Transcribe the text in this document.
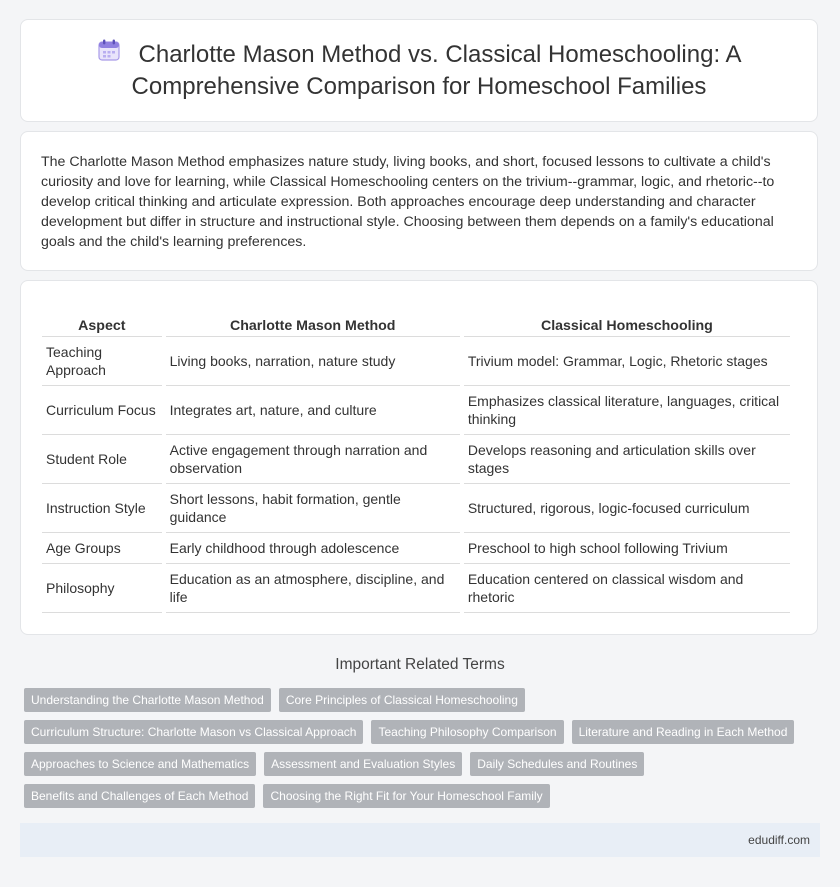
Charlotte Mason Method vs. Classical Homeschooling: A Comprehensive Comparison for Homeschool Families

The Charlotte Mason Method emphasizes nature study, living books, and short, focused lessons to cultivate a child's curiosity and love for learning, while Classical Homeschooling centers on the trivium--grammar, logic, and rhetoric--to develop critical thinking and articulate expression. Both approaches encourage deep understanding and character development but differ in structure and instructional style. Choosing between them depends on a family's educational goals and the child's learning preferences.

Aspect	Charlotte Mason Method	Classical Homeschooling
Teaching Approach	Living books, narration, nature study	Trivium model: Grammar, Logic, Rhetoric stages
Curriculum Focus	Integrates art, nature, and culture	Emphasizes classical literature, languages, critical thinking
Student Role	Active engagement through narration and observation	Develops reasoning and articulation skills over stages
Instruction Style	Short lessons, habit formation, gentle guidance	Structured, rigorous, logic-focused curriculum
Age Groups	Early childhood through adolescence	Preschool to high school following Trivium
Philosophy	Education as an atmosphere, discipline, and life	Education centered on classical wisdom and rhetoric
Important Related Terms
Understanding the Charlotte Mason Method	Core Principles of Classical Homeschooling
Curriculum Structure: Charlotte Mason vs Classical Approach	Teaching Philosophy Comparison	Literature and Reading in Each Method
Approaches to Science and Mathematics	Assessment and Evaluation Styles	Daily Schedules and Routines
Benefits and Challenges of Each Method	Choosing the Right Fit for Your Homeschool Family
edudiff.com
